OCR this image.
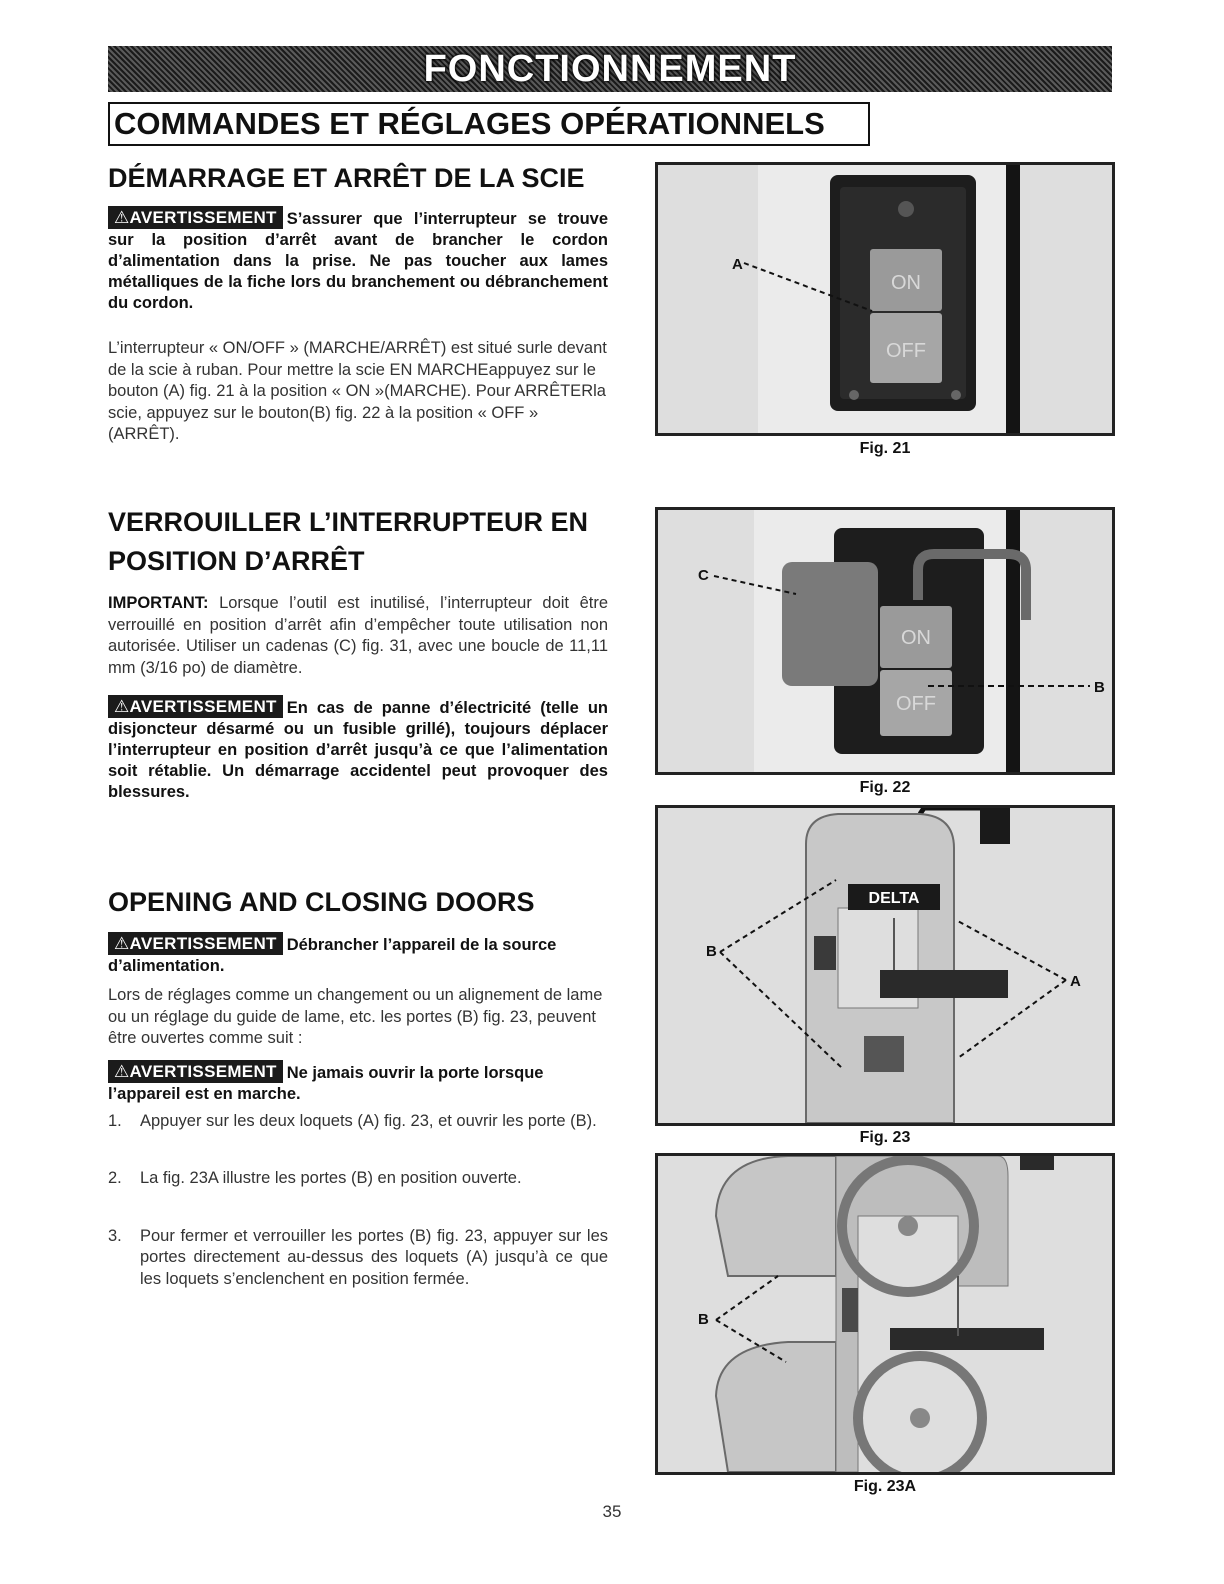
FONCTIONNEMENT
COMMANDES ET RÉGLAGES OPÉRATIONNELS
DÉMARRAGE ET ARRÊT DE LA SCIE

⚠AVERTISSEMENT S’assurer que l’interrupteur se trouve sur la position d’arrêt avant de brancher le cordon d’alimentation dans la prise. Ne pas toucher aux lames métalliques de la fiche lors du branchement ou débranchement du cordon.

L’interrupteur « ON/OFF » (MARCHE/ARRÊT) est situé surle devant de la scie à ruban. Pour mettre la scie EN MARCHEappuyez sur le bouton (A) fig. 21 à la position « ON »(MARCHE). Pour ARRÊTERla scie, appuyez sur le bouton(B) fig. 22 à la position « OFF » (ARRÊT).

VERROUILLER L’INTERRUPTEUR EN
POSITION D’ARRÊT

IMPORTANT: Lorsque l’outil est inutilisé, l’interrupteur doit être verrouillé en position d’arrêt afin d’empêcher toute utilisation non autorisée. Utiliser un cadenas (C) fig. 31, avec une boucle de 11,11 mm (3/16 po) de diamètre.

⚠AVERTISSEMENT En cas de panne d’électricité (telle un disjoncteur désarmé ou un fusible grillé), toujours déplacer l’interrupteur en position d’arrêt jusqu’à ce que l’alimentation soit rétablie. Un démarrage accidentel peut provoquer des blessures.

OPENING AND CLOSING DOORS

⚠AVERTISSEMENT Débrancher l’appareil de la source d’alimentation.

Lors de réglages comme un changement ou un alignement de lame ou un réglage du guide de lame, etc. les portes (B) fig. 23, peuvent être ouvertes comme suit :

⚠AVERTISSEMENT Ne jamais ouvrir la porte lorsque l’appareil est en marche.

1.	Appuyer sur les deux loquets (A) fig. 23, et ouvrir les porte (B).
2.	La fig. 23A illustre les portes (B) en position ouverte.
3.	Pour fermer et verrouiller les portes (B) fig. 23, appuyer sur les portes directement au-dessus des loquets (A) jusqu’à ce que les loquets s’enclenchent en position fermée.
ON
OFF
A
Fig. 21
ON
OFF
C
B
Fig. 22
DELTA
B
A
Fig. 23
B
Fig. 23A
35
